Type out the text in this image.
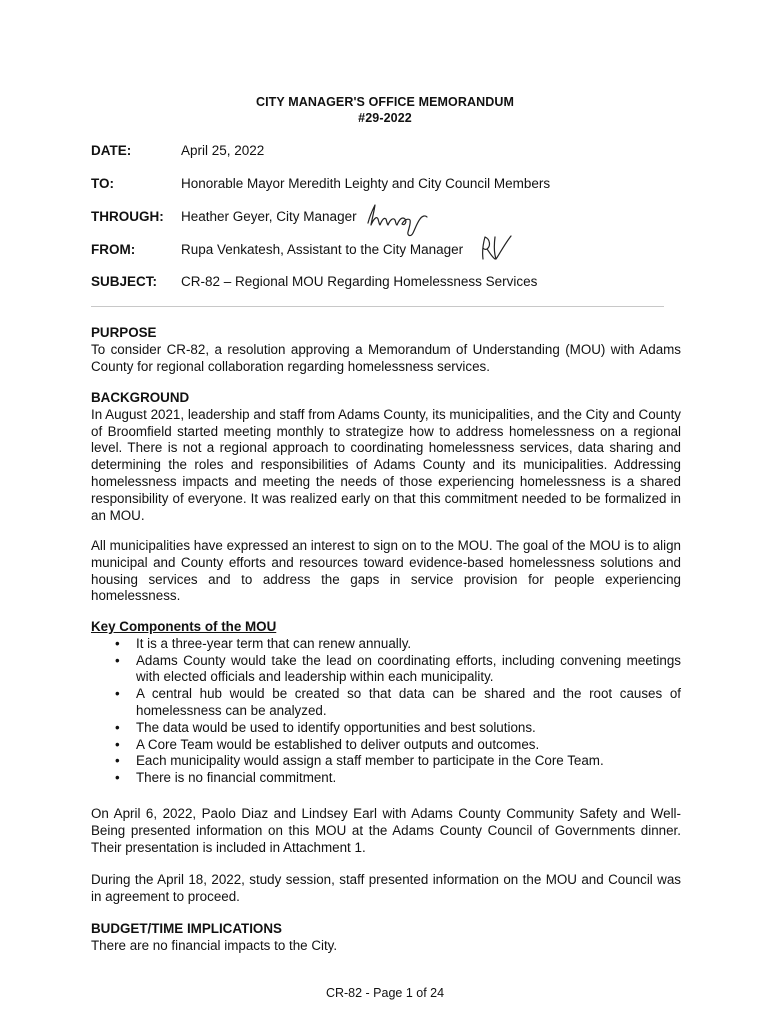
CITY MANAGER'S OFFICE MEMORANDUM
#29-2022
DATE:	April 25, 2022
TO:	Honorable Mayor Meredith Leighty and City Council Members
THROUGH: Heather Geyer, City Manager
FROM:	Rupa Venkatesh, Assistant to the City Manager
SUBJECT: CR-82 – Regional MOU Regarding Homelessness Services

PURPOSE

To consider CR-82, a resolution approving a Memorandum of Understanding (MOU) with Adams County for regional collaboration regarding homelessness services.

BACKGROUND

In August 2021, leadership and staff from Adams County, its municipalities, and the City and County of Broomfield started meeting monthly to strategize how to address homelessness on a regional level. There is not a regional approach to coordinating homelessness services, data sharing and determining the roles and responsibilities of Adams County and its municipalities. Addressing homelessness impacts and meeting the needs of those experiencing homelessness is a shared responsibility of everyone. It was realized early on that this commitment needed to be formalized in an MOU.

All municipalities have expressed an interest to sign on to the MOU. The goal of the MOU is to align municipal and County efforts and resources toward evidence-based homelessness solutions and housing services and to address the gaps in service provision for people experiencing homelessness.

Key Components of the MOU

• It is a three-year term that can renew annually.
• Adams County would take the lead on coordinating efforts, including convening meetings with elected officials and leadership within each municipality.
• A central hub would be created so that data can be shared and the root causes of homelessness can be analyzed.
• The data would be used to identify opportunities and best solutions.
• A Core Team would be established to deliver outputs and outcomes.
• Each municipality would assign a staff member to participate in the Core Team.
• There is no financial commitment.

On April 6, 2022, Paolo Diaz and Lindsey Earl with Adams County Community Safety and Well-Being presented information on this MOU at the Adams County Council of Governments dinner. Their presentation is included in Attachment 1.

During the April 18, 2022, study session, staff presented information on the MOU and Council was in agreement to proceed.

BUDGET/TIME IMPLICATIONS

There are no financial impacts to the City.

CR-82 - Page 1 of 24
